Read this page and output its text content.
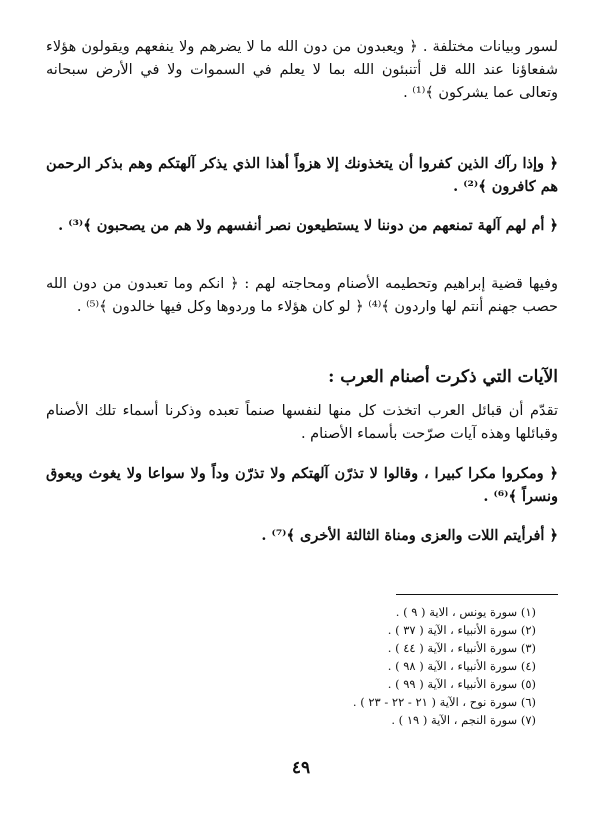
لسور وبيانات مختلفة . ﴿ ويعبدون من دون الله ما لا يضرهم ولا ينفعهم ويقولون هؤلاء شفعاؤنا عند الله قل أتنبئون الله بما لا يعلم في السموات ولا في الأرض سبحانه وتعالى عما يشركون ﴾⁽¹⁾ .

﴿ وإذا رآك الذين كفروا أن يتخذونك إلا هزواً أهذا الذي يذكر آلهتكم وهم بذكر الرحمن هم كافرون ﴾⁽²⁾ .

﴿ أم لهم آلهة تمنعهم من دوننا لا يستطيعون نصر أنفسهم ولا هم من يصحبون ﴾⁽³⁾ .

وفيها قضية إبراهيم وتحطيمه الأصنام ومحاجته لهم : ﴿ انكم وما تعبدون من دون الله حصب جهنم أنتم لها واردون ﴾⁽⁴⁾ ﴿ لو كان هؤلاء ما وردوها وكل فيها خالدون ﴾⁽⁵⁾ .

الآيات التي ذكرت أصنام العرب :

تقدّم أن قبائل العرب اتخذت كل منها لنفسها صنماً تعبده وذكرنا أسماء تلك الأصنام وقبائلها وهذه آيات صرّحت بأسماء الأصنام .

﴿ ومكروا مكرا كبيرا ، وقالوا لا تذرّن آلهتكم ولا تذرّن وداً ولا سواعا ولا يغوث ويعوق ونسراً ﴾⁽⁶⁾ .

﴿ أفرأيتم اللات والعزى ومناة الثالثة الأخرى ﴾⁽⁷⁾ .

(١) سورة يونس ، الاية ( ٩ ) .
(٢) سورة الأنبياء ، الآية ( ٣٧ ) .
(٣) سورة الأنبياء ، الآية ( ٤٤ ) .
(٤) سورة الأنبياء ، الآية ( ٩٨ ) .
(٥) سورة الأنبياء ، الآية ( ٩٩ ) .
(٦) سورة نوح ، الآية ( ٢١ - ٢٢ - ٢٣ ) .
(٧) سورة النجم ، الآية ( ١٩ ) .
٤٩
